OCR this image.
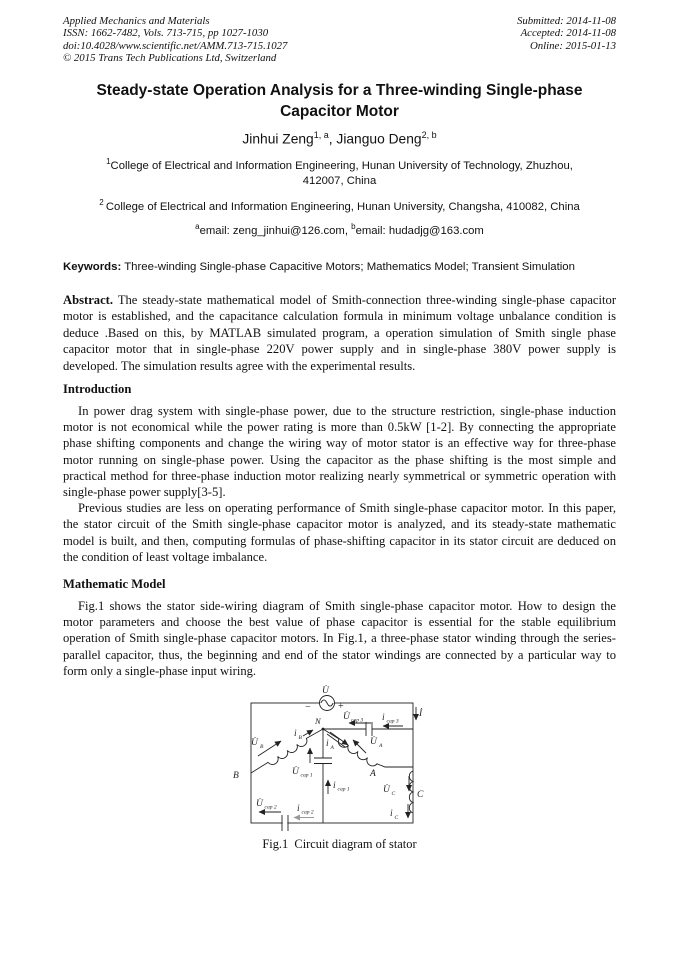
Applied Mechanics and Materials
ISSN: 1662-7482, Vols. 713-715, pp 1027-1030
doi:10.4028/www.scientific.net/AMM.713-715.1027
© 2015 Trans Tech Publications Ltd, Switzerland
Submitted: 2014-11-08
Accepted: 2014-11-08
Online: 2015-01-13
Steady-state Operation Analysis for a Three-winding Single-phase
Capacitor Motor
Jinhui Zeng$^{1, a}$, Jianguo Deng$^{2, b}$
$^1$College of Electrical and Information Engineering, Hunan University of Technology, Zhuzhou,
412007, China
$^2$ College of Electrical and Information Engineering, Hunan University, Changsha, 410082, China
$^a$email: zeng_jinhui@126.com, $^b$email: hudadjg@163.com

Keywords: Three-winding Single-phase Capacitive Motors; Mathematics Model; Transient Simulation

Abstract. The steady-state mathematical model of Smith-connection three-winding single-phase capacitor motor is established, and the capacitance calculation formula in minimum voltage unbalance condition is deduce .Based on this, by MATLAB simulated program, a operation simulation of Smith single phase capacitor motor that in single-phase 220V power supply and in single-phase 380V power supply is developed. The simulation results agree with the experimental results.

Introduction

In power drag system with single-phase power, due to the structure restriction, single-phase induction motor is not economical while the power rating is more than 0.5kW [1-2]. By connecting the appropriate phase shifting components and change the wiring way of motor stator is an effective way for three-phase motor running on single-phase power. Using the capacitor as the phase shifting is the most simple and practical method for three-phase induction motor realizing nearly symmetrical or symmetric operation with single-phase power supply[3-5].

Previous studies are less on operating performance of Smith single-phase capacitor motor. In this paper, the stator circuit of the Smith single-phase capacitor motor is analyzed, and its steady-state mathematic model is built, and then, computing formulas of phase-shifting capacitor in its stator circuit are deduced on the condition of least voltage imbalance.

Mathematic Model

Fig.1 shows the stator side-wiring diagram of Smith single-phase capacitor motor. How to design the motor parameters and choose the best value of phase capacitor is essential for the stable equilibrium operation of Smith single-phase capacitor motors. In Fig.1, a three-phase stator winding through the series-parallel capacitor, thus, the beginning and end of the stator windings are connected by a particular way to form only a single-phase input wiring.

U̇
−	+
İ
N U̇ cap 3 i cap 3
B
U̇ B
i B
A
U̇ A
i A
C
U̇ C
i C
U̇ cap 1
i cap 1
U̇ cap 2 i cap 2
Fig.1  Circuit diagram of stator
